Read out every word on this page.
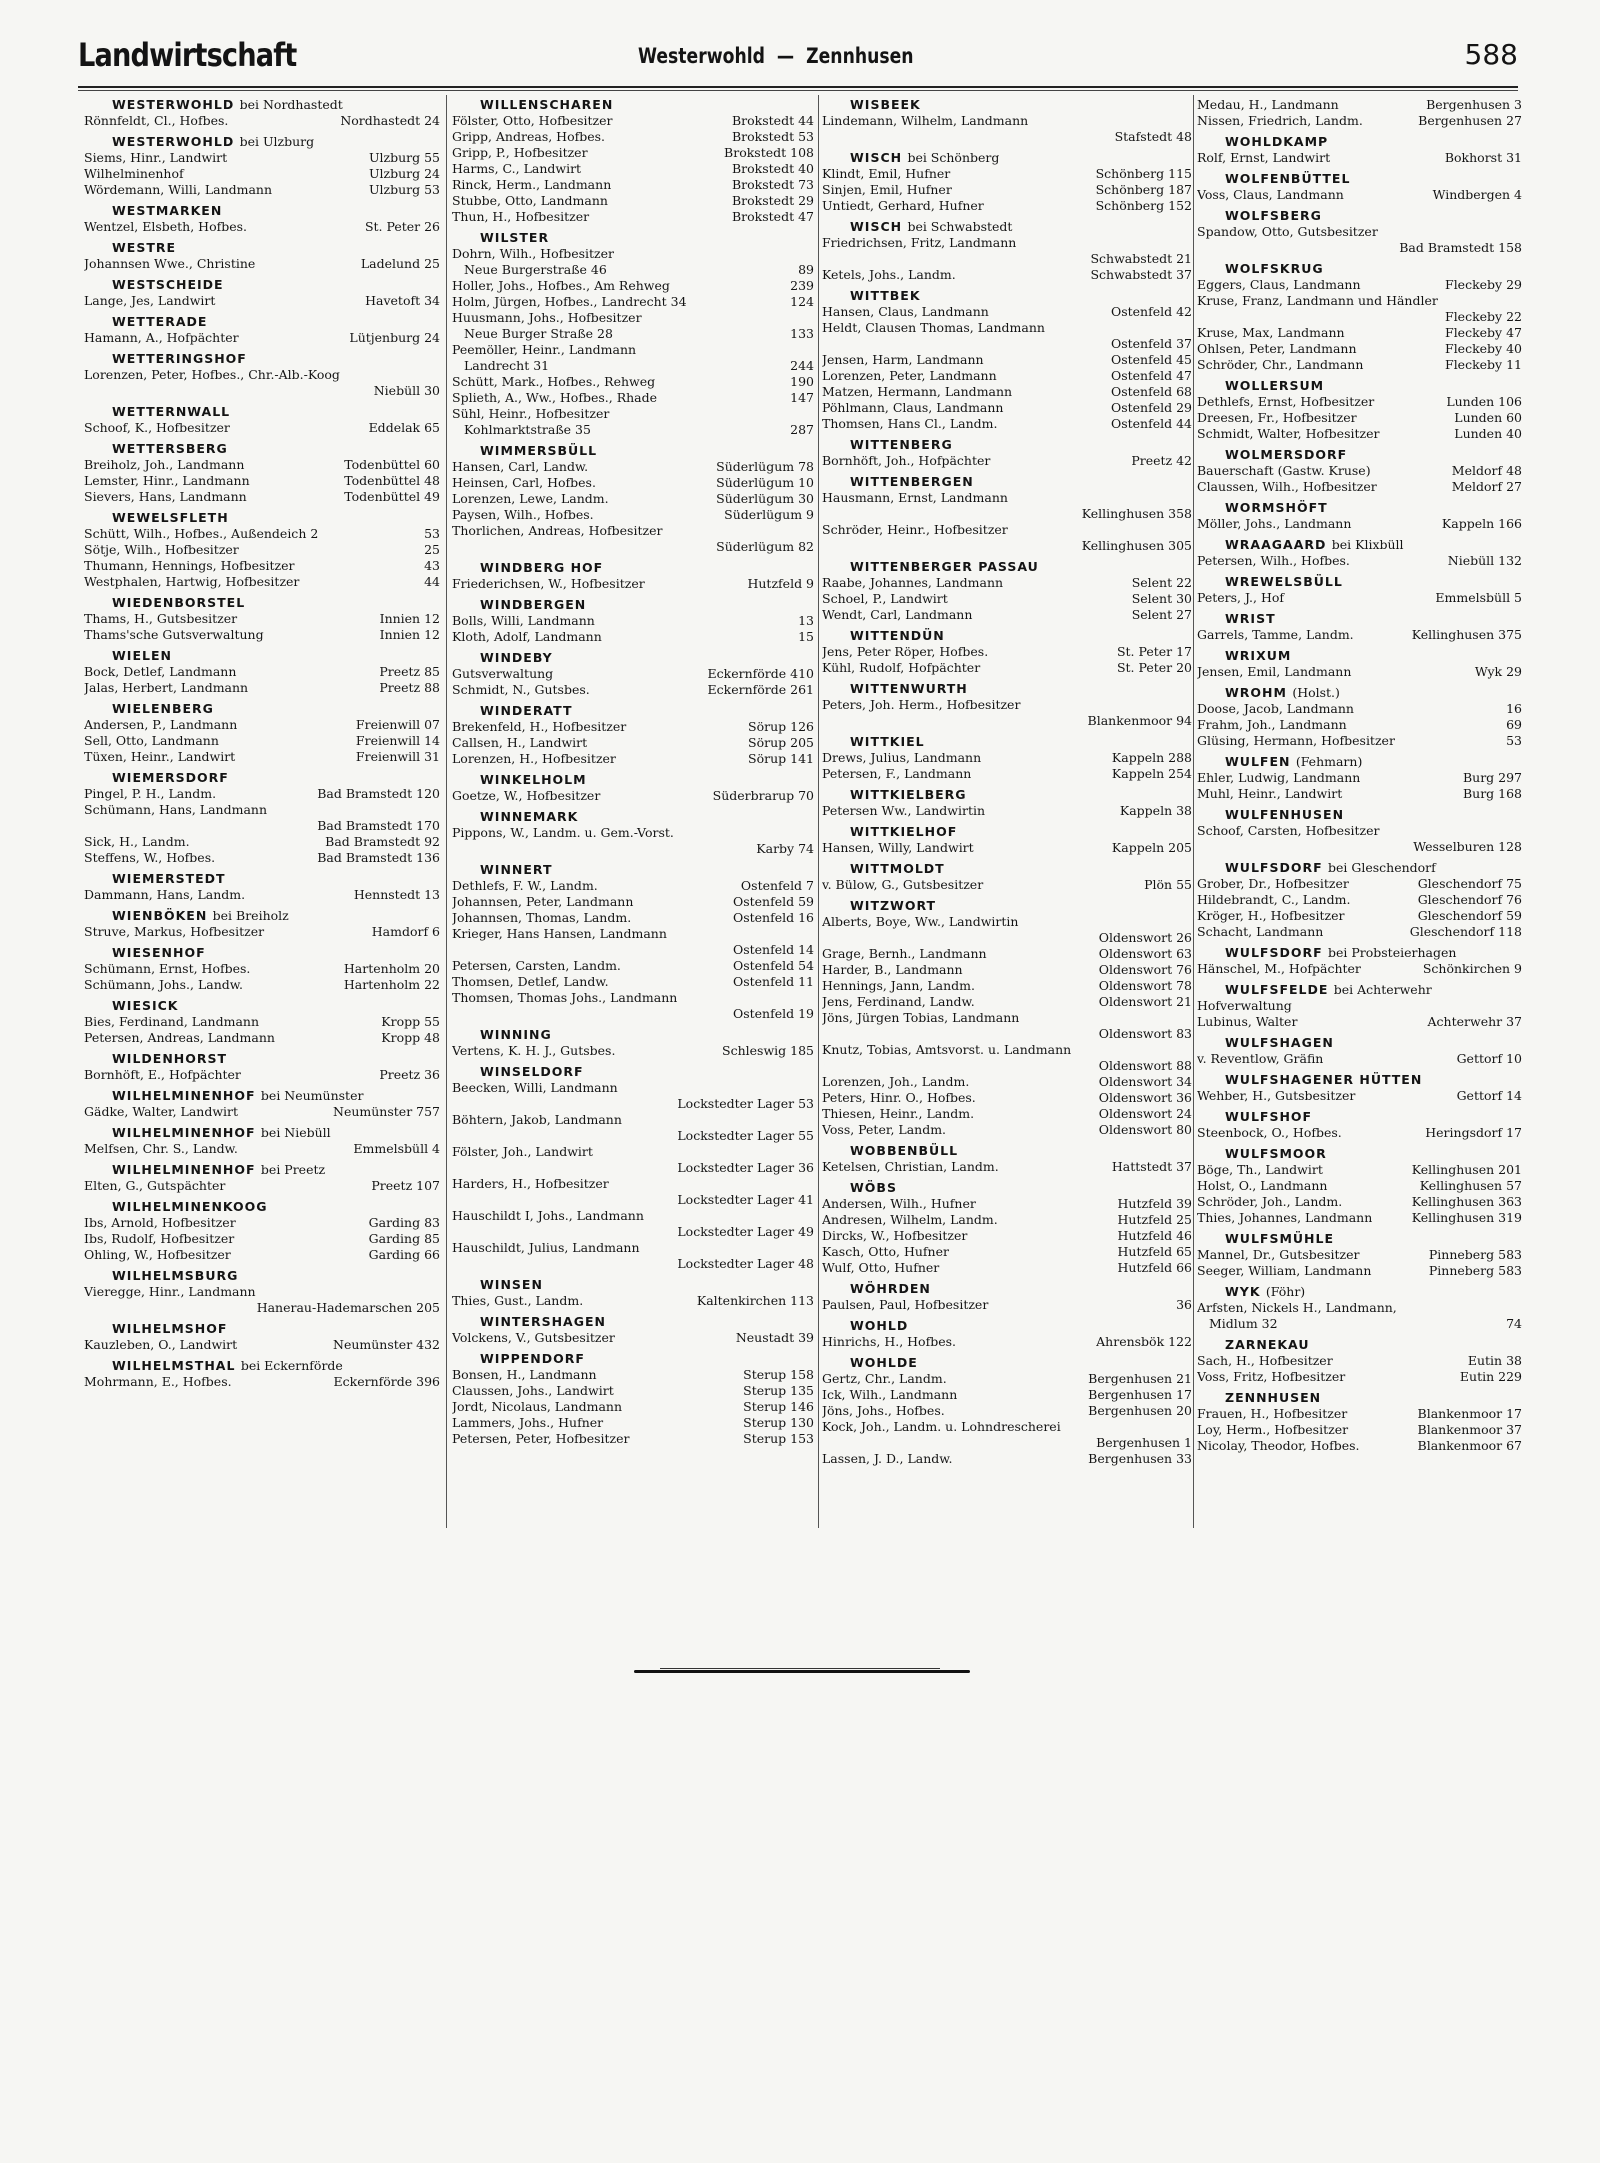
Landwirtschaft	Westerwohld  —  Zennhusen	588
WESTERWOHLD bei Nordhastedt
Rönnfeldt, Cl., Hofbes.	Nordhastedt 24
WESTERWOHLD bei Ulzburg
Siems, Hinr., Landwirt	Ulzburg 55
Wilhelminenhof	Ulzburg 24
Wördemann, Willi, Landmann	Ulzburg 53
WESTMARKEN
Wentzel, Elsbeth, Hofbes.	St. Peter 26
WESTRE
Johannsen Wwe., Christine	Ladelund 25
WESTSCHEIDE
Lange, Jes, Landwirt	Havetoft 34
WETTERADE
Hamann, A., Hofpächter	Lütjenburg 24
WETTERINGSHOF
Lorenzen, Peter, Hofbes., Chr.-Alb.-Koog
Niebüll 30
WETTERNWALL
Schoof, K., Hofbesitzer	Eddelak 65
WETTERSBERG
Breiholz, Joh., Landmann	Todenbüttel 60
Lemster, Hinr., Landmann	Todenbüttel 48
Sievers, Hans, Landmann	Todenbüttel 49
WEWELSFLETH
Schütt, Wilh., Hofbes., Außendeich 2	53
Sötje, Wilh., Hofbesitzer	25
Thumann, Hennings, Hofbesitzer	43
Westphalen, Hartwig, Hofbesitzer	44
WIEDENBORSTEL
Thams, H., Gutsbesitzer	Innien 12
Thams'sche Gutsverwaltung	Innien 12
WIELEN
Bock, Detlef, Landmann	Preetz 85
Jalas, Herbert, Landmann	Preetz 88
WIELENBERG
Andersen, P., Landmann	Freienwill 07
Sell, Otto, Landmann	Freienwill 14
Tüxen, Heinr., Landwirt	Freienwill 31
WIEMERSDORF
Pingel, P. H., Landm.	Bad Bramstedt 120
Schümann, Hans, Landmann
Bad Bramstedt 170
Sick, H., Landm.	Bad Bramstedt 92
Steffens, W., Hofbes.	Bad Bramstedt 136
WIEMERSTEDT
Dammann, Hans, Landm.	Hennstedt 13
WIENBÖKEN bei Breiholz
Struve, Markus, Hofbesitzer	Hamdorf 6
WIESENHOF
Schümann, Ernst, Hofbes.	Hartenholm 20
Schümann, Johs., Landw.	Hartenholm 22
WIESICK
Bies, Ferdinand, Landmann	Kropp 55
Petersen, Andreas, Landmann	Kropp 48
WILDENHORST
Bornhöft, E., Hofpächter	Preetz 36
WILHELMINENHOF bei Neumünster
Gädke, Walter, Landwirt	Neumünster 757
WILHELMINENHOF bei Niebüll
Melfsen, Chr. S., Landw.	Emmelsbüll 4
WILHELMINENHOF bei Preetz
Elten, G., Gutspächter	Preetz 107
WILHELMINENKOOG
Ibs, Arnold, Hofbesitzer	Garding 83
Ibs, Rudolf, Hofbesitzer	Garding 85
Ohling, W., Hofbesitzer	Garding 66
WILHELMSBURG
Vieregge, Hinr., Landmann
Hanerau-Hademarschen 205
WILHELMSHOF
Kauzleben, O., Landwirt	Neumünster 432
WILHELMSTHAL bei Eckernförde
Mohrmann, E., Hofbes.	Eckernförde 396
WILLENSCHAREN
Fölster, Otto, Hofbesitzer	Brokstedt 44
Gripp, Andreas, Hofbes.	Brokstedt 53
Gripp, P., Hofbesitzer	Brokstedt 108
Harms, C., Landwirt	Brokstedt 40
Rinck, Herm., Landmann	Brokstedt 73
Stubbe, Otto, Landmann	Brokstedt 29
Thun, H., Hofbesitzer	Brokstedt 47
WILSTER
Dohrn, Wilh., Hofbesitzer
Neue Burgerstraße 46	89
Holler, Johs., Hofbes., Am Rehweg	239
Holm, Jürgen, Hofbes., Landrecht 34	124
Huusmann, Johs., Hofbesitzer
Neue Burger Straße 28	133
Peemöller, Heinr., Landmann
Landrecht 31	244
Schütt, Mark., Hofbes., Rehweg	190
Splieth, A., Ww., Hofbes., Rhade	147
Sühl, Heinr., Hofbesitzer
Kohlmarktstraße 35	287
WIMMERSBÜLL
Hansen, Carl, Landw.	Süderlügum 78
Heinsen, Carl, Hofbes.	Süderlügum 10
Lorenzen, Lewe, Landm.	Süderlügum 30
Paysen, Wilh., Hofbes.	Süderlügum 9
Thorlichen, Andreas, Hofbesitzer
Süderlügum 82
WINDBERG HOF
Friederichsen, W., Hofbesitzer	Hutzfeld 9
WINDBERGEN
Bolls, Willi, Landmann	13
Kloth, Adolf, Landmann	15
WINDEBY
Gutsverwaltung	Eckernförde 410
Schmidt, N., Gutsbes.	Eckernförde 261
WINDERATT
Brekenfeld, H., Hofbesitzer	Sörup 126
Callsen, H., Landwirt	Sörup 205
Lorenzen, H., Hofbesitzer	Sörup 141
WINKELHOLM
Goetze, W., Hofbesitzer	Süderbrarup 70
WINNEMARK
Pippons, W., Landm. u. Gem.-Vorst.
Karby 74
WINNERT
Dethlefs, F. W., Landm.	Ostenfeld 7
Johannsen, Peter, Landmann	Ostenfeld 59
Johannsen, Thomas, Landm.	Ostenfeld 16
Krieger, Hans Hansen, Landmann
Ostenfeld 14
Petersen, Carsten, Landm.	Ostenfeld 54
Thomsen, Detlef, Landw.	Ostenfeld 11
Thomsen, Thomas Johs., Landmann
Ostenfeld 19
WINNING
Vertens, K. H. J., Gutsbes.	Schleswig 185
WINSELDORF
Beecken, Willi, Landmann
Lockstedter Lager 53
Böhtern, Jakob, Landmann
Lockstedter Lager 55
Fölster, Joh., Landwirt
Lockstedter Lager 36
Harders, H., Hofbesitzer
Lockstedter Lager 41
Hauschildt I, Johs., Landmann
Lockstedter Lager 49
Hauschildt, Julius, Landmann
Lockstedter Lager 48
WINSEN
Thies, Gust., Landm.	Kaltenkirchen 113
WINTERSHAGEN
Volckens, V., Gutsbesitzer	Neustadt 39
WIPPENDORF
Bonsen, H., Landmann	Sterup 158
Claussen, Johs., Landwirt	Sterup 135
Jordt, Nicolaus, Landmann	Sterup 146
Lammers, Johs., Hufner	Sterup 130
Petersen, Peter, Hofbesitzer	Sterup 153
WISBEEK
Lindemann, Wilhelm, Landmann
Stafstedt 48
WISCH bei Schönberg
Klindt, Emil, Hufner	Schönberg 115
Sinjen, Emil, Hufner	Schönberg 187
Untiedt, Gerhard, Hufner	Schönberg 152
WISCH bei Schwabstedt
Friedrichsen, Fritz, Landmann
Schwabstedt 21
Ketels, Johs., Landm.	Schwabstedt 37
WITTBEK
Hansen, Claus, Landmann	Ostenfeld 42
Heldt, Clausen Thomas, Landmann
Ostenfeld 37
Jensen, Harm, Landmann	Ostenfeld 45
Lorenzen, Peter, Landmann	Ostenfeld 47
Matzen, Hermann, Landmann	Ostenfeld 68
Pöhlmann, Claus, Landmann	Ostenfeld 29
Thomsen, Hans Cl., Landm.	Ostenfeld 44
WITTENBERG
Bornhöft, Joh., Hofpächter	Preetz 42
WITTENBERGEN
Hausmann, Ernst, Landmann
Kellinghusen 358
Schröder, Heinr., Hofbesitzer
Kellinghusen 305
WITTENBERGER PASSAU
Raabe, Johannes, Landmann	Selent 22
Schoel, P., Landwirt	Selent 30
Wendt, Carl, Landmann	Selent 27
WITTENDÜN
Jens, Peter Röper, Hofbes.	St. Peter 17
Kühl, Rudolf, Hofpächter	St. Peter 20
WITTENWURTH
Peters, Joh. Herm., Hofbesitzer
Blankenmoor 94
WITTKIEL
Drews, Julius, Landmann	Kappeln 288
Petersen, F., Landmann	Kappeln 254
WITTKIELBERG
Petersen Ww., Landwirtin	Kappeln 38
WITTKIELHOF
Hansen, Willy, Landwirt	Kappeln 205
WITTMOLDT
v. Bülow, G., Gutsbesitzer	Plön 55
WITZWORT
Alberts, Boye, Ww., Landwirtin
Oldenswort 26
Grage, Bernh., Landmann	Oldenswort 63
Harder, B., Landmann	Oldenswort 76
Hennings, Jann, Landm.	Oldenswort 78
Jens, Ferdinand, Landw.	Oldenswort 21
Jöns, Jürgen Tobias, Landmann
Oldenswort 83
Knutz, Tobias, Amtsvorst. u. Landmann
Oldenswort 88
Lorenzen, Joh., Landm.	Oldenswort 34
Peters, Hinr. O., Hofbes.	Oldenswort 36
Thiesen, Heinr., Landm.	Oldenswort 24
Voss, Peter, Landm.	Oldenswort 80
WOBBENBÜLL
Ketelsen, Christian, Landm.	Hattstedt 37
WÖBS
Andersen, Wilh., Hufner	Hutzfeld 39
Andresen, Wilhelm, Landm.	Hutzfeld 25
Dircks, W., Hofbesitzer	Hutzfeld 46
Kasch, Otto, Hufner	Hutzfeld 65
Wulf, Otto, Hufner	Hutzfeld 66
WÖHRDEN
Paulsen, Paul, Hofbesitzer	36
WOHLD
Hinrichs, H., Hofbes.	Ahrensbök 122
WOHLDE
Gertz, Chr., Landm.	Bergenhusen 21
Ick, Wilh., Landmann	Bergenhusen 17
Jöns, Johs., Hofbes.	Bergenhusen 20
Kock, Joh., Landm. u. Lohndrescherei
Bergenhusen 1
Lassen, J. D., Landw.	Bergenhusen 33
Medau, H., Landmann	Bergenhusen 3
Nissen, Friedrich, Landm.	Bergenhusen 27
WOHLDKAMP
Rolf, Ernst, Landwirt	Bokhorst 31
WOLFENBÜTTEL
Voss, Claus, Landmann	Windbergen 4
WOLFSBERG
Spandow, Otto, Gutsbesitzer
Bad Bramstedt 158
WOLFSKRUG
Eggers, Claus, Landmann	Fleckeby 29
Kruse, Franz, Landmann und Händler
Fleckeby 22
Kruse, Max, Landmann	Fleckeby 47
Ohlsen, Peter, Landmann	Fleckeby 40
Schröder, Chr., Landmann	Fleckeby 11
WOLLERSUM
Dethlefs, Ernst, Hofbesitzer	Lunden 106
Dreesen, Fr., Hofbesitzer	Lunden 60
Schmidt, Walter, Hofbesitzer	Lunden 40
WOLMERSDORF
Bauerschaft (Gastw. Kruse)	Meldorf 48
Claussen, Wilh., Hofbesitzer	Meldorf 27
WORMSHÖFT
Möller, Johs., Landmann	Kappeln 166
WRAAGAARD bei Klixbüll
Petersen, Wilh., Hofbes.	Niebüll 132
WREWELSBÜLL
Peters, J., Hof	Emmelsbüll 5
WRIST
Garrels, Tamme, Landm.	Kellinghusen 375
WRIXUM
Jensen, Emil, Landmann	Wyk 29
WROHM (Holst.)
Doose, Jacob, Landmann	16
Frahm, Joh., Landmann	69
Glüsing, Hermann, Hofbesitzer	53
WULFEN (Fehmarn)
Ehler, Ludwig, Landmann	Burg 297
Muhl, Heinr., Landwirt	Burg 168
WULFENHUSEN
Schoof, Carsten, Hofbesitzer
Wesselburen 128
WULFSDORF bei Gleschendorf
Grober, Dr., Hofbesitzer	Gleschendorf 75
Hildebrandt, C., Landm.	Gleschendorf 76
Kröger, H., Hofbesitzer	Gleschendorf 59
Schacht, Landmann	Gleschendorf 118
WULFSDORF bei Probsteierhagen
Hänschel, M., Hofpächter	Schönkirchen 9
WULFSFELDE bei Achterwehr
Hofverwaltung
Lubinus, Walter	Achterwehr 37
WULFSHAGEN
v. Reventlow, Gräfin	Gettorf 10
WULFSHAGENER HÜTTEN
Wehber, H., Gutsbesitzer	Gettorf 14
WULFSHOF
Steenbock, O., Hofbes.	Heringsdorf 17
WULFSMOOR
Böge, Th., Landwirt	Kellinghusen 201
Holst, O., Landmann	Kellinghusen 57
Schröder, Joh., Landm.	Kellinghusen 363
Thies, Johannes, Landmann	Kellinghusen 319
WULFSMÜHLE
Mannel, Dr., Gutsbesitzer	Pinneberg 583
Seeger, William, Landmann	Pinneberg 583
WYK (Föhr)
Arfsten, Nickels H., Landmann,
Midlum 32	74
ZARNEKAU
Sach, H., Hofbesitzer	Eutin 38
Voss, Fritz, Hofbesitzer	Eutin 229
ZENNHUSEN
Frauen, H., Hofbesitzer	Blankenmoor 17
Loy, Herm., Hofbesitzer	Blankenmoor 37
Nicolay, Theodor, Hofbes.	Blankenmoor 67
